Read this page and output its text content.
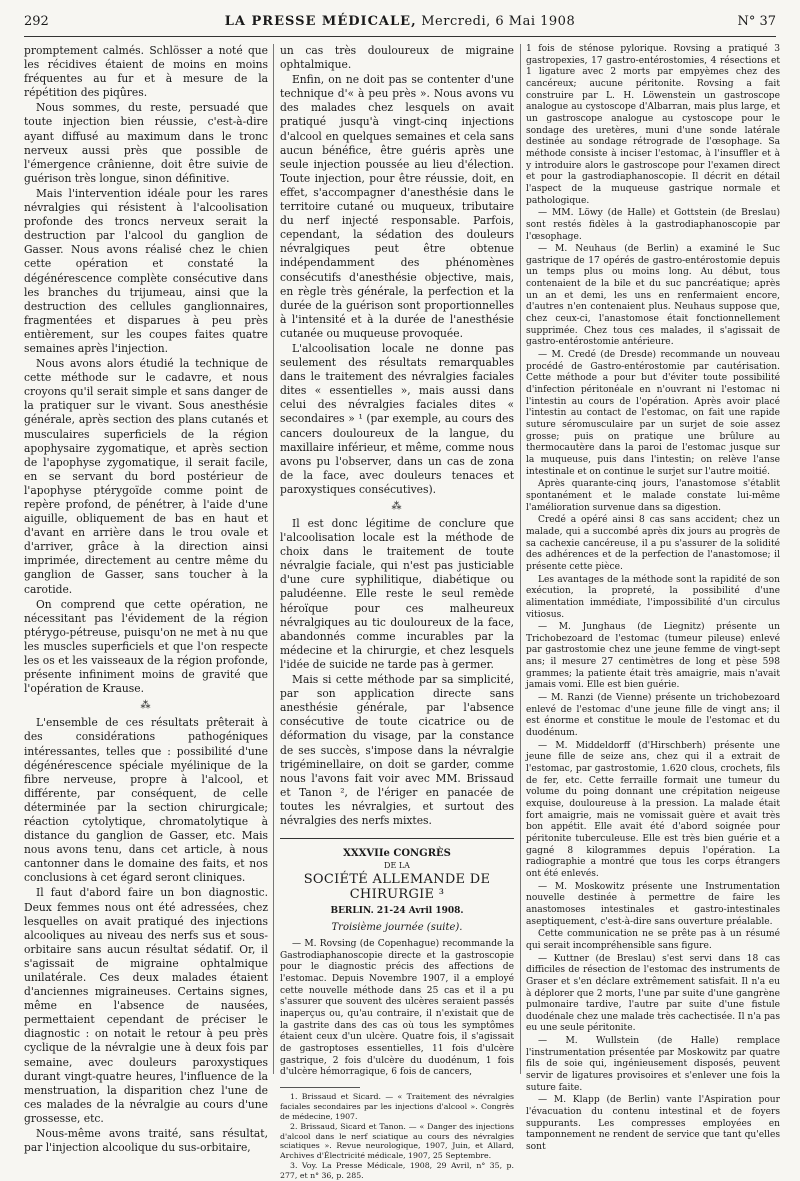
292	LA PRESSE MÉDICALE, Mercredi, 6 Mai 1908	N° 37

promptement calmés. Schlösser a noté que les récidives étaient de moins en moins fréquentes au fur et à mesure de la répétition des piqûres.

Nous sommes, du reste, persuadé que toute injection bien réussie, c'est-à-dire ayant diffusé au maximum dans le tronc nerveux aussi près que possible de l'émergence crânienne, doit être suivie de guérison très longue, sinon définitive.

Mais l'intervention idéale pour les rares névralgies qui résistent à l'alcoolisation profonde des troncs nerveux serait la destruction par l'alcool du ganglion de Gasser. Nous avons réalisé chez le chien cette opération et constaté la dégénérescence complète consécutive dans les branches du trijumeau, ainsi que la destruction des cellules ganglionnaires, fragmentées et disparues à peu près entièrement, sur les coupes faites quatre semaines après l'injection.

Nous avons alors étudié la technique de cette méthode sur le cadavre, et nous croyons qu'il serait simple et sans danger de la pratiquer sur le vivant. Sous anesthésie générale, après section des plans cutanés et musculaires superficiels de la région apophysaire zygomatique, et après section de l'apophyse zygomatique, il serait facile, en se servant du bord postérieur de l'apophyse ptérygoïde comme point de repère profond, de pénétrer, à l'aide d'une aiguille, obliquement de bas en haut et d'avant en arrière dans le trou ovale et d'arriver, grâce à la direction ainsi imprimée, directement au centre même du ganglion de Gasser, sans toucher à la carotide.

On comprend que cette opération, ne nécessitant pas l'évidement de la région ptérygo-pétreuse, puisqu'on ne met à nu que les muscles superficiels et que l'on respecte les os et les vaisseaux de la région profonde, présente infiniment moins de gravité que l'opération de Krause.

⁂

L'ensemble de ces résultats prêterait à des considérations pathogéniques intéressantes, telles que : possibilité d'une dégénérescence spéciale myélinique de la fibre nerveuse, propre à l'alcool, et différente, par conséquent, de celle déterminée par la section chirurgicale; réaction cytolytique, chromatolytique à distance du ganglion de Gasser, etc. Mais nous avons tenu, dans cet article, à nous cantonner dans le domaine des faits, et nos conclusions à cet égard seront cliniques.

Il faut d'abord faire un bon diagnostic. Deux femmes nous ont été adressées, chez lesquelles on avait pratiqué des injections alcooliques au niveau des nerfs sus et sous-orbitaire sans aucun résultat sédatif. Or, il s'agissait de migraine ophtalmique unilatérale. Ces deux malades étaient d'anciennes migraineuses. Certains signes, même en l'absence de nausées, permettaient cependant de préciser le diagnostic : on notait le retour à peu près cyclique de la névralgie une à deux fois par semaine, avec douleurs paroxystiques durant vingt-quatre heures, l'influence de la menstruation, la disparition chez l'une de ces malades de la névralgie au cours d'une grossesse, etc.

Nous-même avons traité, sans résultat, par l'injection alcoolique du sus-orbitaire,

un cas très douloureux de migraine ophtalmique.

Enfin, on ne doit pas se contenter d'une technique d'« à peu près ». Nous avons vu des malades chez lesquels on avait pratiqué jusqu'à vingt-cinq injections d'alcool en quelques semaines et cela sans aucun bénéfice, être guéris après une seule injection poussée au lieu d'élection. Toute injection, pour être réussie, doit, en effet, s'accompagner d'anesthésie dans le territoire cutané ou muqueux, tributaire du nerf injecté responsable. Parfois, cependant, la sédation des douleurs névralgiques peut être obtenue indépendamment des phénomènes consécutifs d'anesthésie objective, mais, en règle très générale, la perfection et la durée de la guérison sont proportionnelles à l'intensité et à la durée de l'anesthésie cutanée ou muqueuse provoquée.

L'alcoolisation locale ne donne pas seulement des résultats remarquables dans le traitement des névralgies faciales dites « essentielles », mais aussi dans celui des névralgies faciales dites « secondaires » ¹ (par exemple, au cours des cancers douloureux de la langue, du maxillaire inférieur, et même, comme nous avons pu l'observer, dans un cas de zona de la face, avec douleurs tenaces et paroxystiques consécutives).

⁂

Il est donc légitime de conclure que l'alcoolisation locale est la méthode de choix dans le traitement de toute névralgie faciale, qui n'est pas justiciable d'une cure syphilitique, diabétique ou paludéenne. Elle reste le seul remède héroïque pour ces malheureux névralgiques au tic douloureux de la face, abandonnés comme incurables par la médecine et la chirurgie, et chez lesquels l'idée de suicide ne tarde pas à germer.

Mais si cette méthode par sa simplicité, par son application directe sans anesthésie générale, par l'absence consécutive de toute cicatrice ou de déformation du visage, par la constance de ses succès, s'impose dans la névralgie trigéminellaire, on doit se garder, comme nous l'avons fait voir avec MM. Brissaud et Tanon ², de l'ériger en panacée de toutes les névralgies, et surtout des névralgies des nerfs mixtes.

XXXVIIe CONGRÈS
DE LA
SOCIÉTÉ ALLEMANDE DE CHIRURGIE ³
BERLIN. 21-24 Avril 1908.
Troisième journée (suite).

— M. Rovsing (de Copenhague) recommande la Gastrodiaphanoscopie directe et la gastroscopie pour le diagnostic précis des affections de l'estomac. Depuis Novembre 1907, il a employé cette nouvelle méthode dans 25 cas et il a pu s'assurer que souvent des ulcères seraient passés inaperçus ou, qu'au contraire, il n'existait que de la gastrite dans des cas où tous les symptômes étaient ceux d'un ulcère. Quatre fois, il s'agissait de gastroptoses essentielles, 11 fois d'ulcère gastrique, 2 fois d'ulcère du duodénum, 1 fois d'ulcère hémorragique, 6 fois de cancers,

1. Brissaud et Sicard. — « Traitement des névralgies faciales secondaires par les injections d'alcool ». Congrès de médecine, 1907.

2. Brissaud, Sicard et Tanon. — « Danger des injections d'alcool dans le nerf sciatique au cours des névralgies sciatiques ». Revue neurologique, 1907, Juin, et Allard, Archives d'Électricité médicale, 1907, 25 Septembre.

3. Voy. La Presse Médicale, 1908, 29 Avril, n° 35, p. 277, et n° 36, p. 285.

1 fois de sténose pylorique. Rovsing a pratiqué 3 gastropexies, 17 gastro-entérostomies, 4 résections et 1 ligature avec 2 morts par empyèmes chez des cancéreux; aucune péritonite. Rovsing a fait construire par L. H. Löwenstein un gastroscope analogue au cystoscope d'Albarran, mais plus large, et un gastroscope analogue au cystoscope pour le sondage des uretères, muni d'une sonde latérale destinée au sondage rétrograde de l'œsophage. Sa méthode consiste à inciser l'estomac, à l'insuffler et à y introduire alors le gastroscope pour l'examen direct et pour la gastrodiaphanoscopie. Il décrit en détail l'aspect de la muqueuse gastrique normale et pathologique.

— MM. Löwy (de Halle) et Gottstein (de Breslau) sont restés fidèles à la gastrodiaphanoscopie par l'œsophage.

— M. Neuhaus (de Berlin) a examiné le Suc gastrique de 17 opérés de gastro-entérostomie depuis un temps plus ou moins long. Au début, tous contenaient de la bile et du suc pancréatique; après un an et demi, les uns en renfermaient encore, d'autres n'en contenaient plus. Neuhaus suppose que, chez ceux-ci, l'anastomose était fonctionnellement supprimée. Chez tous ces malades, il s'agissait de gastro-entérostomie antérieure.

— M. Credé (de Dresde) recommande un nouveau procédé de Gastro-entérostomie par cautérisation. Cette méthode a pour but d'éviter toute possibilité d'infection péritonéale en n'ouvrant ni l'estomac ni l'intestin au cours de l'opération. Après avoir placé l'intestin au contact de l'estomac, on fait une rapide suture séromusculaire par un surjet de soie assez grosse; puis on pratique une brûlure au thermocautère dans la paroi de l'estomac jusque sur la muqueuse, puis dans l'intestin; on relève l'anse intestinale et on continue le surjet sur l'autre moitié.

Après quarante-cinq jours, l'anastomose s'établit spontanément et le malade constate lui-même l'amélioration survenue dans sa digestion.

Credé a opéré ainsi 8 cas sans accident; chez un malade, qui a succombé après dix jours au progrès de sa cachexie cancéreuse, il a pu s'assurer de la solidité des adhérences et de la perfection de l'anastomose; il présente cette pièce.

Les avantages de la méthode sont la rapidité de son exécution, la propreté, la possibilité d'une alimentation immédiate, l'impossibilité d'un circulus vitiosus.

— M. Junghaus (de Liegnitz) présente un Trichobezoard de l'estomac (tumeur pileuse) enlevé par gastrostomie chez une jeune femme de vingt-sept ans; il mesure 27 centimètres de long et pèse 598 grammes; la patiente était très amaigrie, mais n'avait jamais vomi. Elle est bien guérie.

— M. Ranzi (de Vienne) présente un trichobezoard enlevé de l'estomac d'une jeune fille de vingt ans; il est énorme et constitue le moule de l'estomac et du duodénum.

— M. Middeldorff (d'Hirschberh) présente une jeune fille de seize ans, chez qui il a extrait de l'estomac, par gastrostomie, 1.620 clous, crochets, fils de fer, etc. Cette ferraille formait une tumeur du volume du poing donnant une crépitation neigeuse exquise, douloureuse à la pression. La malade était fort amaigrie, mais ne vomissait guère et avait très bon appétit. Elle avait été d'abord soignée pour péritonite tuberculeuse. Elle est très bien guérie et a gagné 8 kilogrammes depuis l'opération. La radiographie a montré que tous les corps étrangers ont été enlevés.

— M. Moskowitz présente une Instrumentation nouvelle destinée à permettre de faire les anastomoses intestinales et gastro-intestinales aseptiquement, c'est-à-dire sans ouverture préalable.

Cette communication ne se prête pas à un résumé qui serait incompréhensible sans figure.

— Kuttner (de Breslau) s'est servi dans 18 cas difficiles de résection de l'estomac des instruments de Graser et s'en déclare extrêmement satisfait. Il n'a eu à déplorer que 2 morts, l'une par suite d'une gangrène pulmonaire tardive, l'autre par suite d'une fistule duodénale chez une malade très cachectisée. Il n'a pas eu une seule péritonite.

— M. Wullstein (de Halle) remplace l'instrumentation présentée par Moskowitz par quatre fils de soie qui, ingénieusement disposés, peuvent servir de ligatures provisoires et s'enlever une fois la suture faite.

— M. Klapp (de Berlin) vante l'Aspiration pour l'évacuation du contenu intestinal et de foyers suppurants. Les compresses employées en tamponnement ne rendent de service que tant qu'elles sont
